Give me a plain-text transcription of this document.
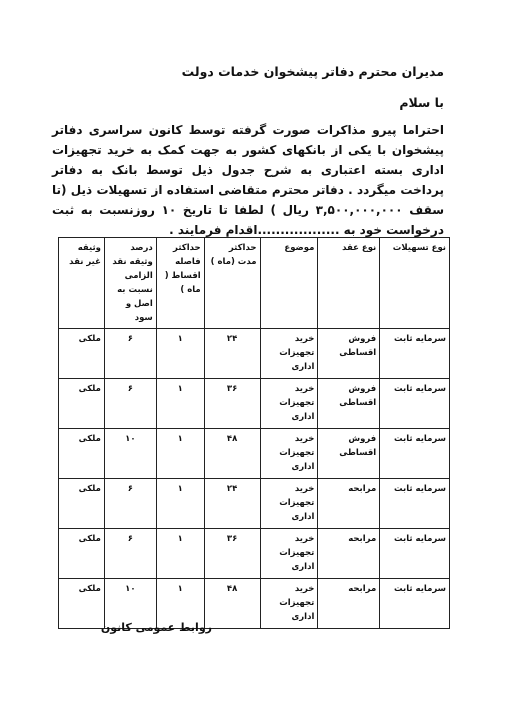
مدیران محترم دفاتر پیشخوان خدمات دولت
با سلام
احتراما پیرو مذاکرات صورت گرفته توسط کانون سراسری دفاتر پیشخوان با یکی از بانکهای کشور به جهت کمک به خرید تجهیزات اداری بسته اعتباری به شرح جدول ذیل توسط بانک به دفاتر پرداخت میگردد . دفاتر محترم متقاضی استفاده از تسهیلات ذیل (تا سقف ۳,۵۰۰,۰۰۰,۰۰۰ ریال ) لطفا تا تاریخ ۱۰ روزنسبت به ثبت درخواست خود به ..................اقدام فرمایند .
نوع تسهیلات	نوع عقد	موضوع	حداکثر مدت (ماه )	حداکثر فاصله اقساط ( ماه )	درصد وثیقه نقد الزامی نسبت به اصل و سود	وثیقه غیر نقد
سرمایه ثابت	فروش اقساطی	خرید تجهیزات اداری	۲۴	۱	۶	ملکی
سرمایه ثابت	فروش اقساطی	خرید تجهیزات اداری	۳۶	۱	۶	ملکی
سرمایه ثابت	فروش اقساطی	خرید تجهیزات اداری	۴۸	۱	۱۰	ملکی
سرمایه ثابت	مرابحه	خرید تجهیزات اداری	۲۴	۱	۶	ملکی
سرمایه ثابت	مرابحه	خرید تجهیزات اداری	۳۶	۱	۶	ملکی
سرمایه ثابت	مرابحه	خرید تجهیزات اداری	۴۸	۱	۱۰	ملکی
روابط عمومی کانون
